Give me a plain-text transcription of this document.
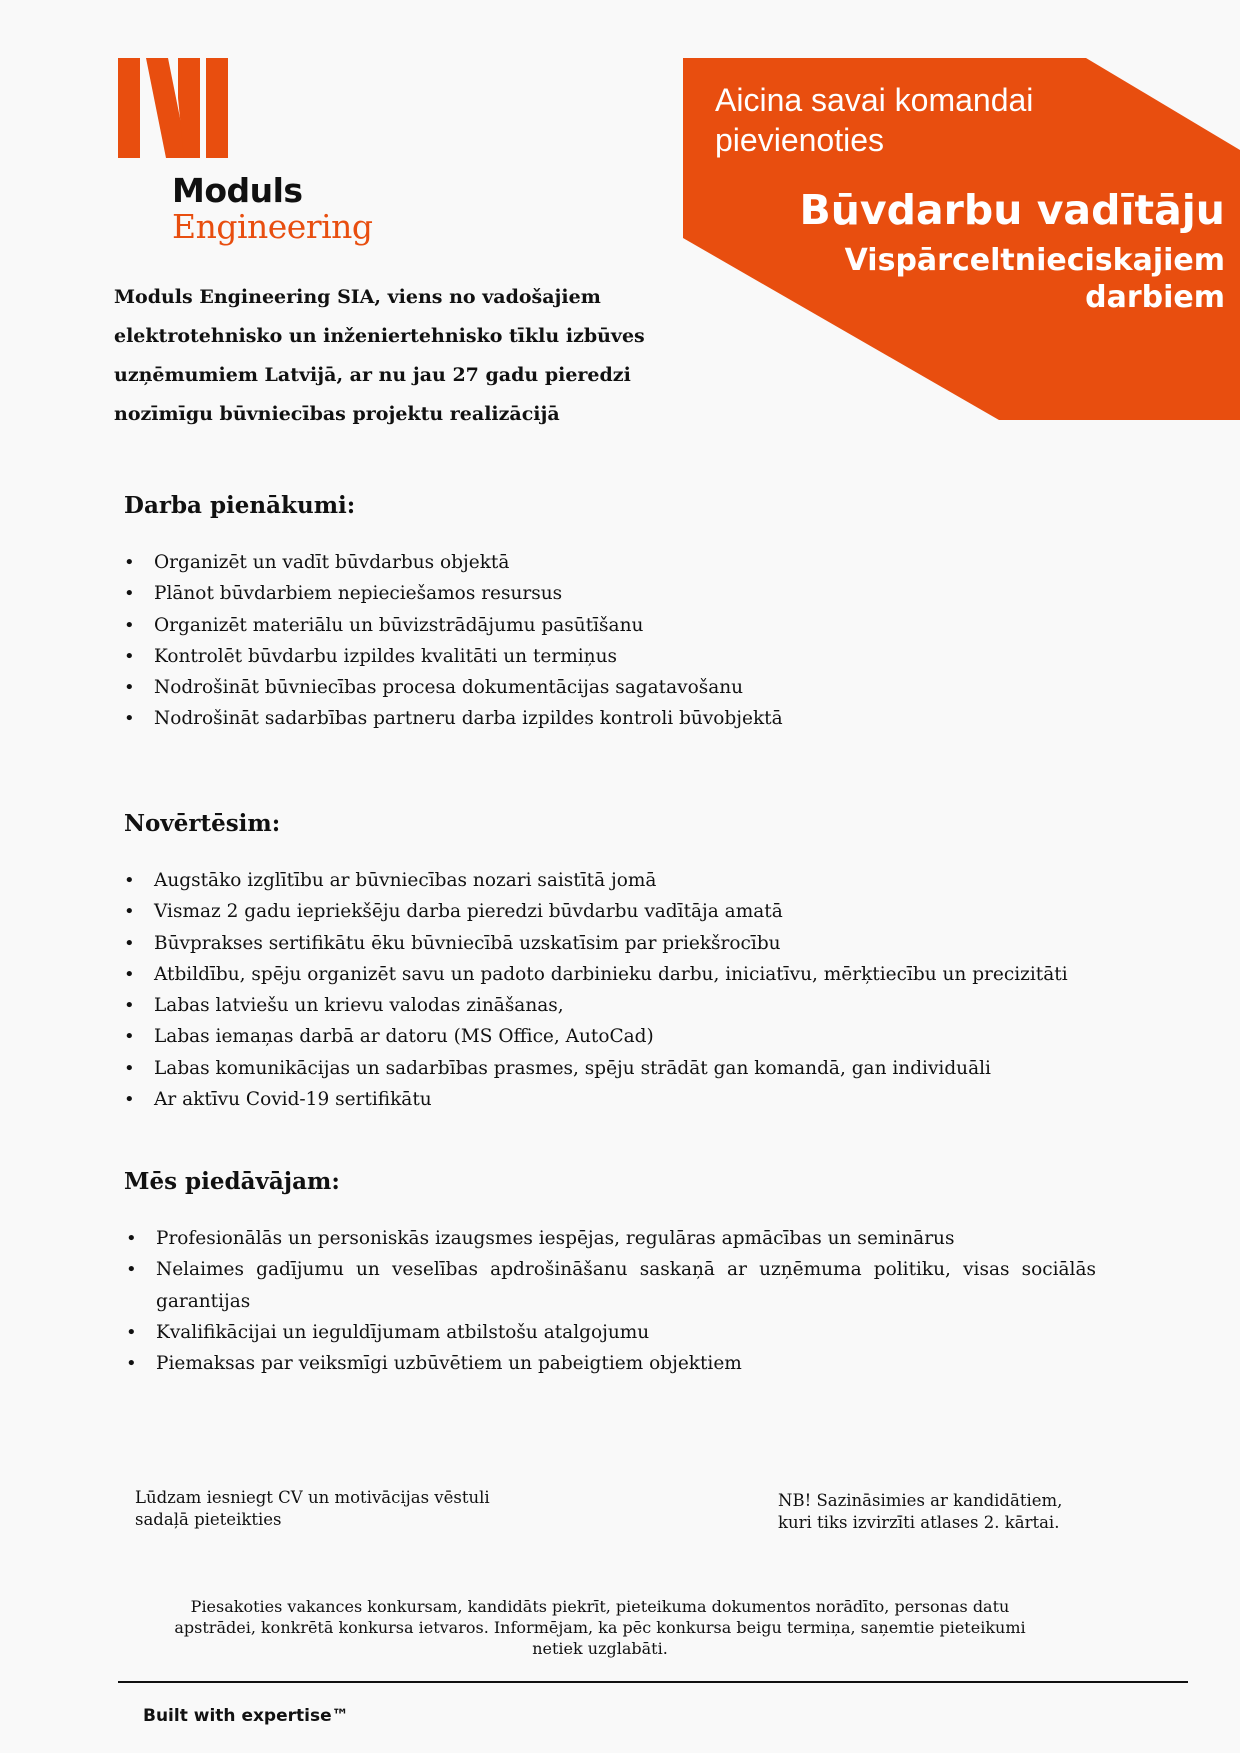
Moduls
Engineering
Aicina savai komandai pievienoties
Būvdarbu vadītāju
Vispārceltnieciskajiem darbiem
Moduls Engineering SIA, viens no vadošajiem elektrotehnisko un inženiertehnisko tīklu izbūves uzņēmumiem Latvijā, ar nu jau 27 gadu pieredzi nozīmīgu būvniecības projektu realizācijā
Darba pienākumi:
• Organizēt un vadīt būvdarbus objektā
• Plānot būvdarbiem nepieciešamos resursus
• Organizēt materiālu un būvizstrādājumu pasūtīšanu
• Kontrolēt būvdarbu izpildes kvalitāti un termiņus
• Nodrošināt būvniecības procesa dokumentācijas sagatavošanu
• Nodrošināt sadarbības partneru darba izpildes kontroli būvobjektā
Novērtēsim:
• Augstāko izglītību ar būvniecības nozari saistītā jomā
• Vismaz 2 gadu iepriekšēju darba pieredzi būvdarbu vadītāja amatā
• Būvprakses sertifikātu ēku būvniecībā uzskatīsim par priekšrocību
• Atbildību, spēju organizēt savu un padoto darbinieku darbu, iniciatīvu, mērķtiecību un precizitāti
• Labas latviešu un krievu valodas zināšanas,
• Labas iemaņas darbā ar datoru (MS Office, AutoCad)
• Labas komunikācijas un sadarbības prasmes, spēju strādāt gan komandā, gan individuāli
• Ar aktīvu Covid-19 sertifikātu
Mēs piedāvājam:
• Profesionālās un personiskās izaugsmes iespējas, regulāras apmācības un seminārus
• Nelaimes gadījumu un veselības apdrošināšanu saskaņā ar uzņēmuma politiku, visas sociālās garantijas
• Kvalifikācijai un ieguldījumam atbilstošu atalgojumu
• Piemaksas par veiksmīgi uzbūvētiem un pabeigtiem objektiem
Lūdzam iesniegt CV un motivācijas vēstuli sadaļā pieteikties
NB! Sazināsimies ar kandidātiem, kuri tiks izvirzīti atlases 2. kārtai.
Piesakoties vakances konkursam, kandidāts piekrīt, pieteikuma dokumentos norādīto, personas datu apstrādei, konkrētā konkursa ietvaros. Informējam, ka pēc konkursa beigu termiņa, saņemtie pieteikumi netiek uzglabāti.
Built with expertise™
